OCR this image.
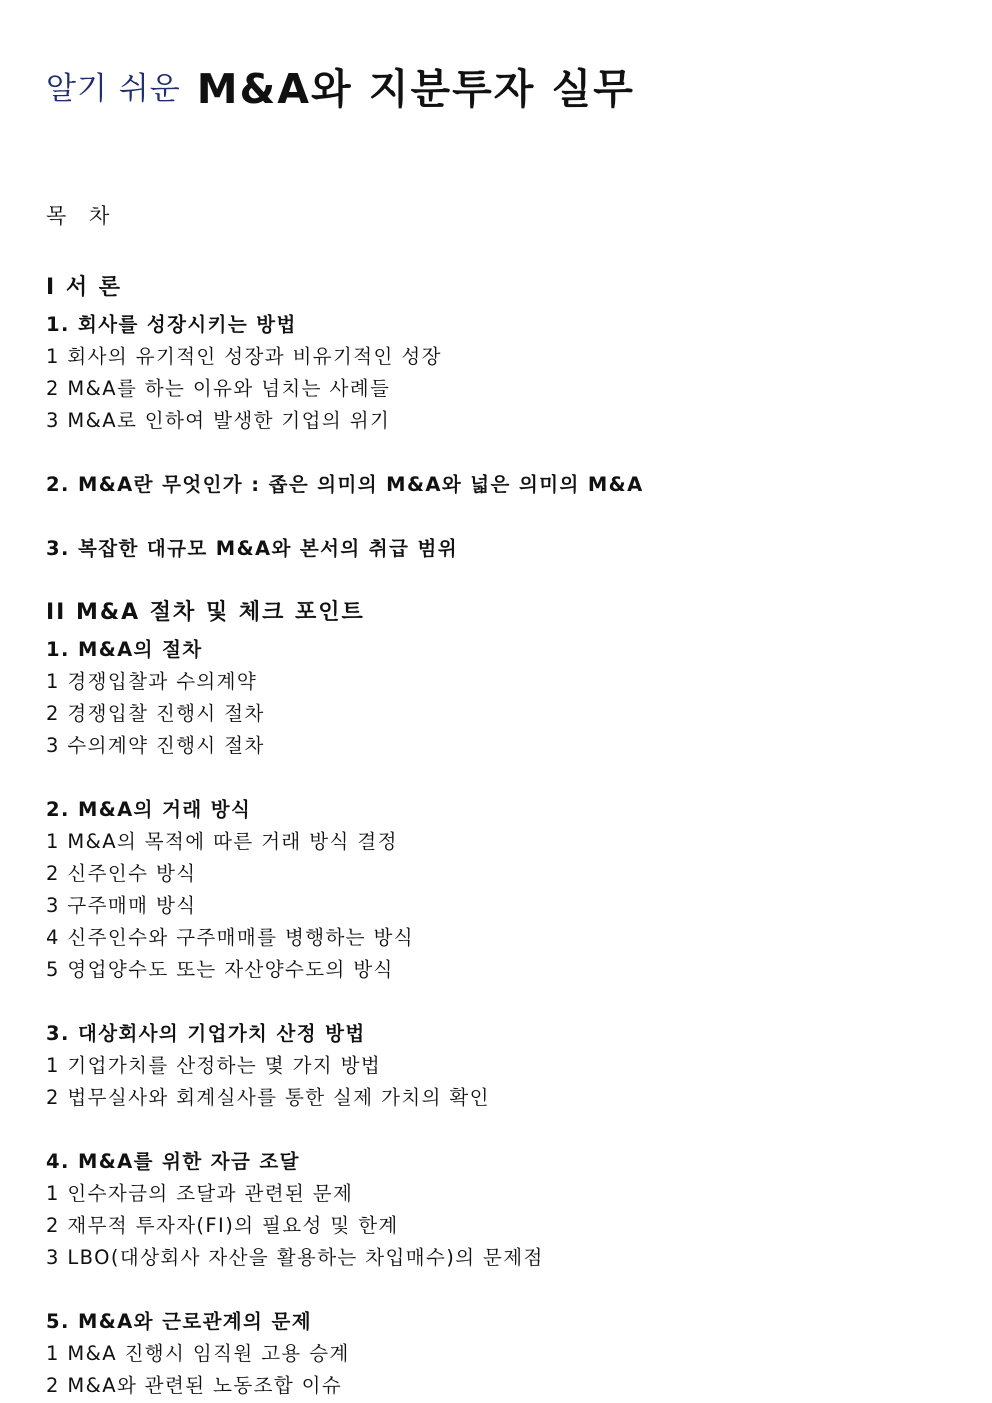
알기 쉬운 M&A와 지분투자 실무
목 차
I 서 론
1. 회사를 성장시키는 방법
1 회사의 유기적인 성장과 비유기적인 성장
2 M&A를 하는 이유와 넘치는 사례들
3 M&A로 인하여 발생한 기업의 위기
2. M&A란 무엇인가 : 좁은 의미의 M&A와 넓은 의미의 M&A
3. 복잡한 대규모 M&A와 본서의 취급 범위
II M&A 절차 및 체크 포인트
1. M&A의 절차
1 경쟁입찰과 수의계약
2 경쟁입찰 진행시 절차
3 수의계약 진행시 절차
2. M&A의 거래 방식
1 M&A의 목적에 따른 거래 방식 결정
2 신주인수 방식
3 구주매매 방식
4 신주인수와 구주매매를 병행하는 방식
5 영업양수도 또는 자산양수도의 방식
3. 대상회사의 기업가치 산정 방법
1 기업가치를 산정하는 몇 가지 방법
2 법무실사와 회계실사를 통한 실제 가치의 확인
4. M&A를 위한 자금 조달
1 인수자금의 조달과 관련된 문제
2 재무적 투자자(FI)의 필요성 및 한계
3 LBO(대상회사 자산을 활용하는 차입매수)의 문제점
5. M&A와 근로관계의 문제
1 M&A 진행시 임직원 고용 승계
2 M&A와 관련된 노동조합 이슈
